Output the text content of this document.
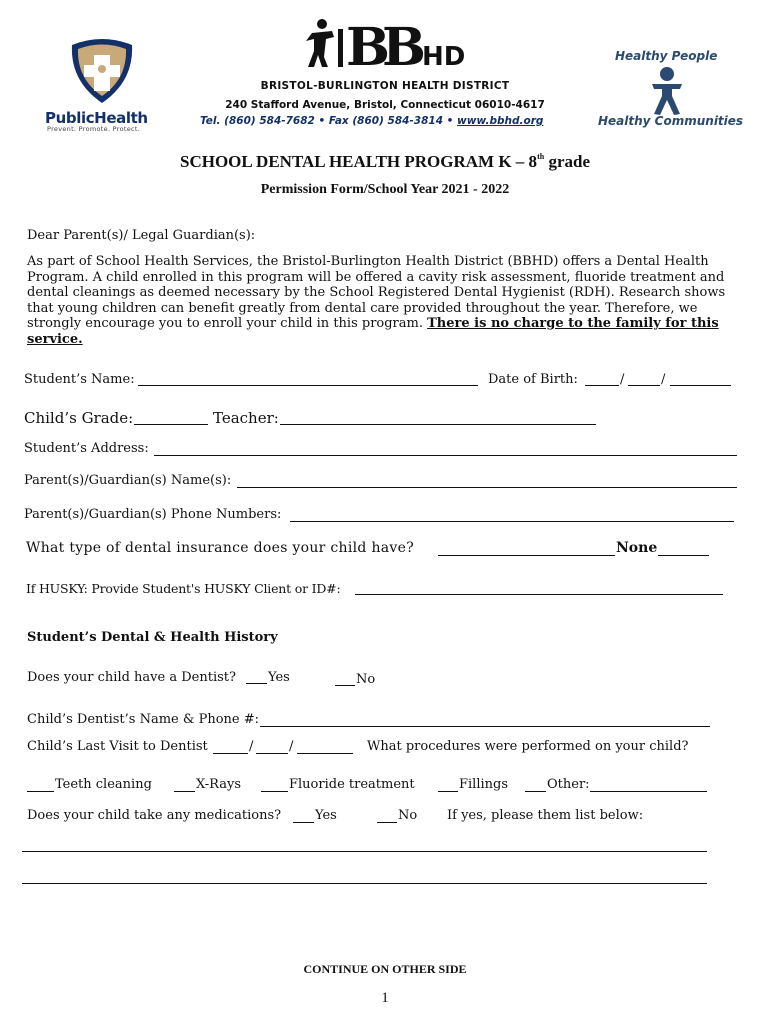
PublicHealth
Prevent. Promote. Protect.
BB HD
BRISTOL-BURLINGTON HEALTH DISTRICT
240 Stafford Avenue, Bristol, Connecticut 06010-4617
Tel. (860) 584-7682 • Fax (860) 584-3814 • www.bbhd.org
Healthy People
Healthy Communities
SCHOOL DENTAL HEALTH PROGRAM K – 8th grade
Permission Form/School Year 2021 - 2022
Dear Parent(s)/ Legal Guardian(s):
As part of School Health Services, the Bristol-Burlington Health District (BBHD) offers a Dental Health Program. A child enrolled in this program will be offered a cavity risk assessment, fluoride treatment and dental cleanings as deemed necessary by the School Registered Dental Hygienist (RDH). Research shows that young children can benefit greatly from dental care provided throughout the year. Therefore, we strongly encourage you to enroll your child in this program. There is no charge to the family for this service.
Student’s Name:	Date of Birth:	/	/
Child’s Grade:	Teacher:
Student’s Address:
Parent(s)/Guardian(s) Name(s):
Parent(s)/Guardian(s) Phone Numbers:
What type of dental insurance does your child have?	None
If HUSKY: Provide Student's HUSKY Client or ID#:
Student’s Dental & Health History
Does your child have a Dentist? Yes	No
Child’s Dentist’s Name & Phone #:
Child’s Last Visit to Dentist	/	/	What procedures were performed on your child?
Teeth cleaning	X-Rays	Fluoride treatment	Fillings	Other:
Does your child take any medications?	Yes	No If yes, please them list below:
CONTINUE ON OTHER SIDE
1
